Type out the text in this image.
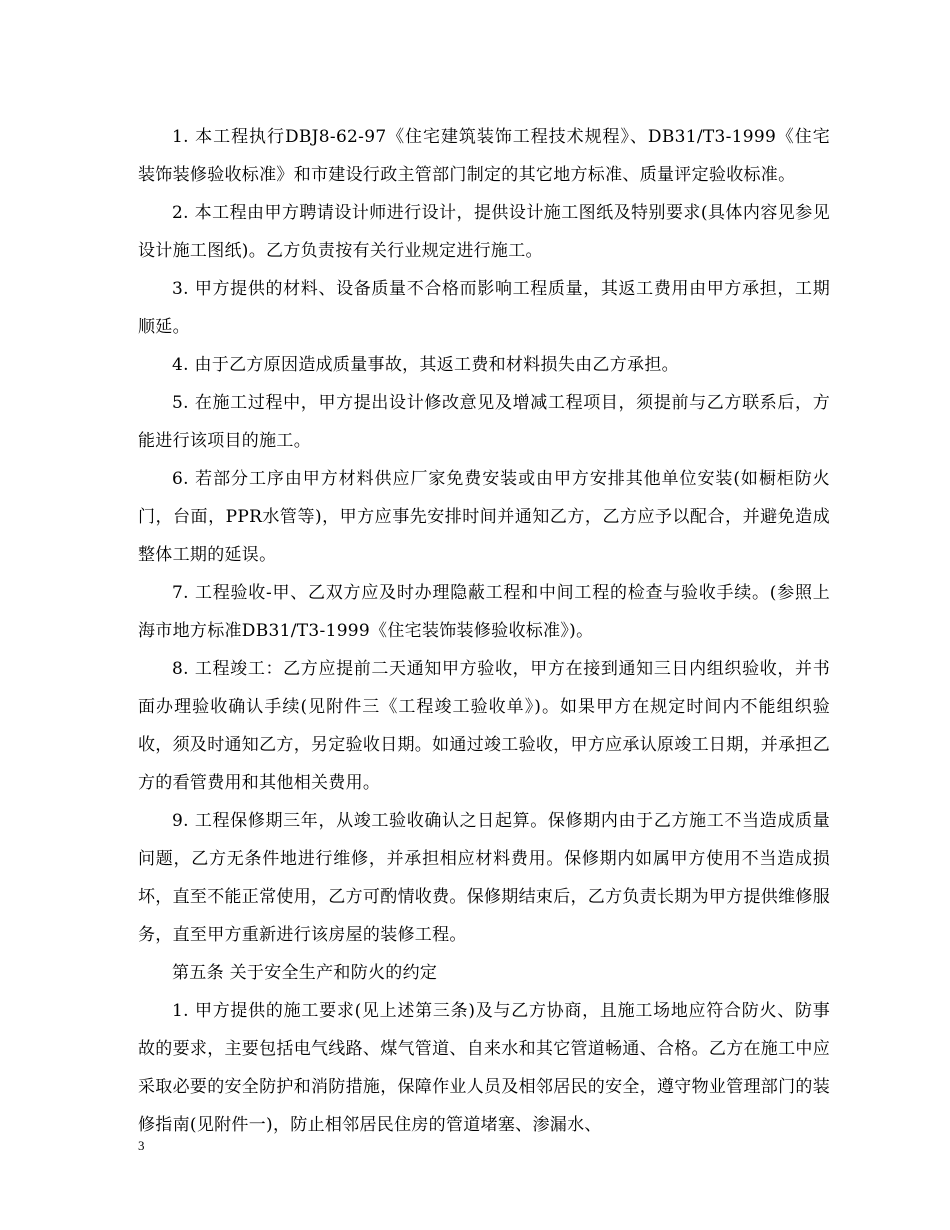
1. 本工程执行DBJ8-62-97《住宅建筑装饰工程技术规程》、DB31/T3-1999《住宅装饰装修验收标准》和市建设行政主管部门制定的其它地方标准、质量评定验收标准。

2. 本工程由甲方聘请设计师进行设计，提供设计施工图纸及特别要求(具体内容见参见设计施工图纸)。乙方负责按有关行业规定进行施工。

3. 甲方提供的材料、设备质量不合格而影响工程质量，其返工费用由甲方承担，工期顺延。

4. 由于乙方原因造成质量事故，其返工费和材料损失由乙方承担。

5. 在施工过程中，甲方提出设计修改意见及增减工程项目，须提前与乙方联系后，方能进行该项目的施工。

6. 若部分工序由甲方材料供应厂家免费安装或由甲方安排其他单位安装(如橱柜防火门，台面，PPR水管等)，甲方应事先安排时间并通知乙方，乙方应予以配合，并避免造成整体工期的延误。

7. 工程验收-甲、乙双方应及时办理隐蔽工程和中间工程的检查与验收手续。(参照上海市地方标准DB31/T3-1999《住宅装饰装修验收标准》)。

8. 工程竣工：乙方应提前二天通知甲方验收，甲方在接到通知三日内组织验收，并书面办理验收确认手续(见附件三《工程竣工验收单》)。如果甲方在规定时间内不能组织验收，须及时通知乙方，另定验收日期。如通过竣工验收，甲方应承认原竣工日期，并承担乙方的看管费用和其他相关费用。

9. 工程保修期三年，从竣工验收确认之日起算。保修期内由于乙方施工不当造成质量问题，乙方无条件地进行维修，并承担相应材料费用。保修期内如属甲方使用不当造成损坏，直至不能正常使用，乙方可酌情收费。保修期结束后，乙方负责长期为甲方提供维修服务，直至甲方重新进行该房屋的装修工程。

第五条 关于安全生产和防火的约定

1. 甲方提供的施工要求(见上述第三条)及与乙方协商，且施工场地应符合防火、防事故的要求，主要包括电气线路、煤气管道、自来水和其它管道畅通、合格。乙方在施工中应采取必要的安全防护和消防措施，保障作业人员及相邻居民的安全，遵守物业管理部门的装修指南(见附件一)，防止相邻居民住房的管道堵塞、渗漏水、

3
